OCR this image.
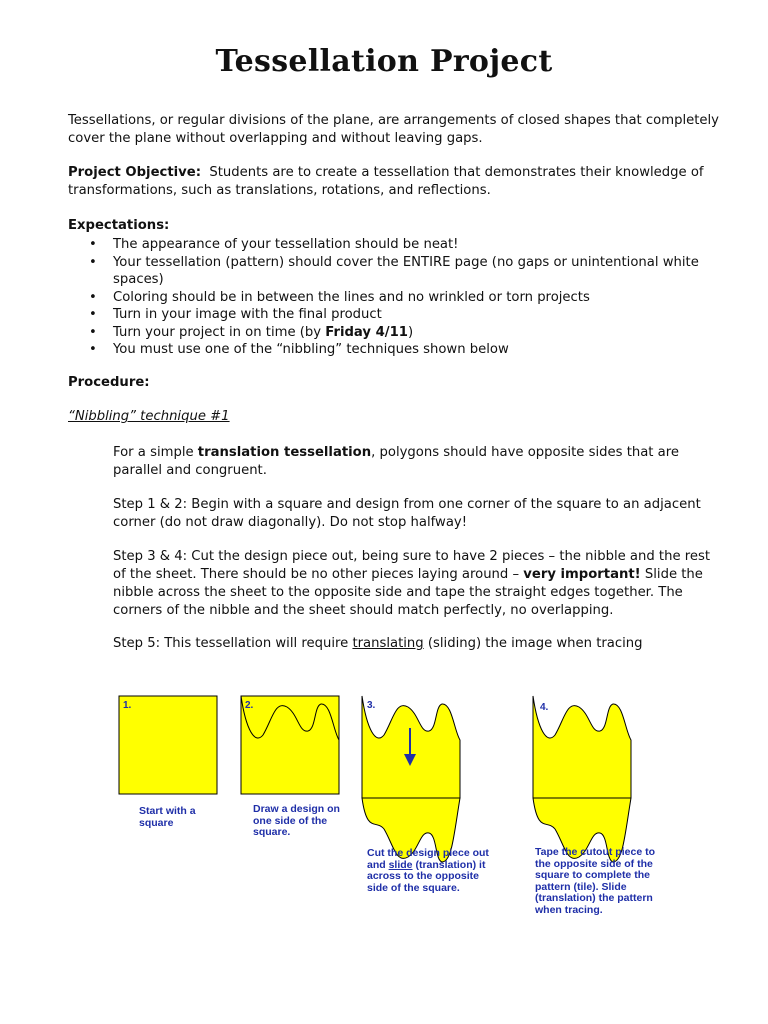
Tessellation Project

Tessellations, or regular divisions of the plane, are arrangements of closed shapes that completely cover the plane without overlapping and without leaving gaps.

Project Objective: Students are to create a tessellation that demonstrates their knowledge of transformations, such as translations, rotations, and reflections.

Expectations:

• The appearance of your tessellation should be neat!
• Your tessellation (pattern) should cover the ENTIRE page (no gaps or unintentional white spaces)
• Coloring should be in between the lines and no wrinkled or torn projects
• Turn in your image with the final product
• Turn your project in on time (by Friday 4/11)
• You must use one of the “nibbling” techniques shown below

Procedure:

“Nibbling” technique #1

For a simple translation tessellation, polygons should have opposite sides that are parallel and congruent.

Step 1 & 2: Begin with a square and design from one corner of the square to an adjacent corner (do not draw diagonally). Do not stop halfway!

Step 3 & 4: Cut the design piece out, being sure to have 2 pieces – the nibble and the rest of the sheet. There should be no other pieces laying around – very important! Slide the nibble across the sheet to the opposite side and tape the straight edges together. The corners of the nibble and the sheet should match perfectly, no overlapping.

Step 5: This tessellation will require translating (sliding) the image when tracing

1.	2.	3.	4.

Start with a square

Draw a design on one side of the square.

Cut the design piece out and slide (translation) it across to the opposite side of the square.

Tape the cutout piece to the opposite side of the square to complete the pattern (tile). Slide (translation) the pattern when tracing.
